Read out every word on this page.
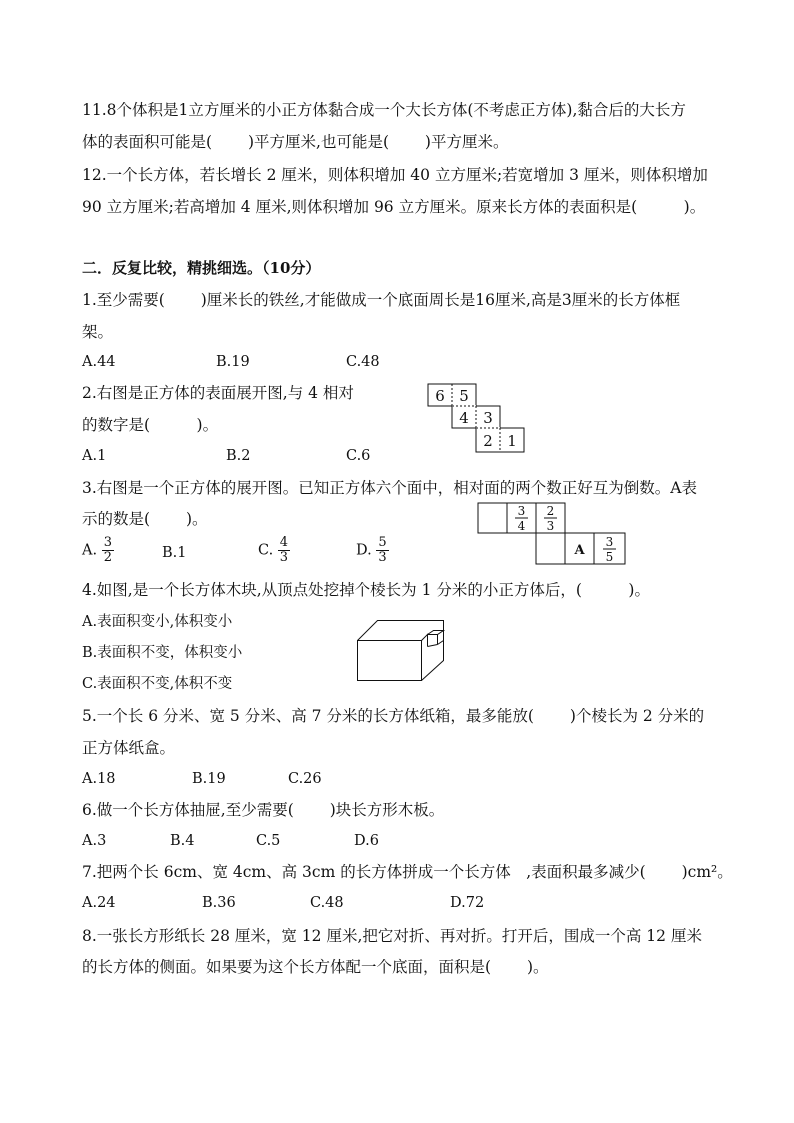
11.8个体积是1立方厘米的小正方体黏合成一个大长方体(不考虑正方体),黏合后的大长方
体的表面积可能是(　　 )平方厘米,也可能是(　　 )平方厘米。
12.一个长方体，若长增长 2 厘米，则体积增加 40 立方厘米;若宽增加 3 厘米，则体积增加
90 立方厘米;若高增加 4 厘米,则体积增加 96 立方厘米。原来长方体的表面积是(　　　)。
二．反复比较，精挑细选。（10分）
1.至少需要(　　 )厘米长的铁丝,才能做成一个底面周长是16厘米,高是3厘米的长方体框
架。
A.44	B.19	C.48
2.右图是正方体的表面展开图,与 4 相对
的数字是(　　　)。
A.1	B.2	C.6
6 5
4 3
2 1
3.右图是一个正方体的展开图。已知正方体六个面中，相对面的两个数正好互为倒数。A表
示的数是(　　 )。
A. $\frac{3}{2}$	B.1	C. $\frac{4}{3}$	D. $\frac{5}{3}$
3
4
2
3
A
3
5
4.如图,是一个长方体木块,从顶点处挖掉个棱长为 1 分米的小正方体后，(　　　)。
A.表面积变小,体积变小
B.表面积不变，体积变小
C.表面积不变,体积不变
5.一个长 6 分米、宽 5 分米、高 7 分米的长方体纸箱，最多能放(　　 )个棱长为 2 分米的
正方体纸盒。
A.18	B.19	C.26
6.做一个长方体抽屉,至少需要(　　 )块长方形木板。
A.3	B.4	C.5	D.6
7.把两个长 6cm、宽 4cm、高 3cm 的长方体拼成一个长方体　,表面积最多减少(　　 )cm²。
A.24	B.36	C.48	D.72
8.一张长方形纸长 28 厘米，宽 12 厘米,把它对折、再对折。打开后，围成一个高 12 厘米
的长方体的侧面。如果要为这个长方体配一个底面，面积是(　　 )。
